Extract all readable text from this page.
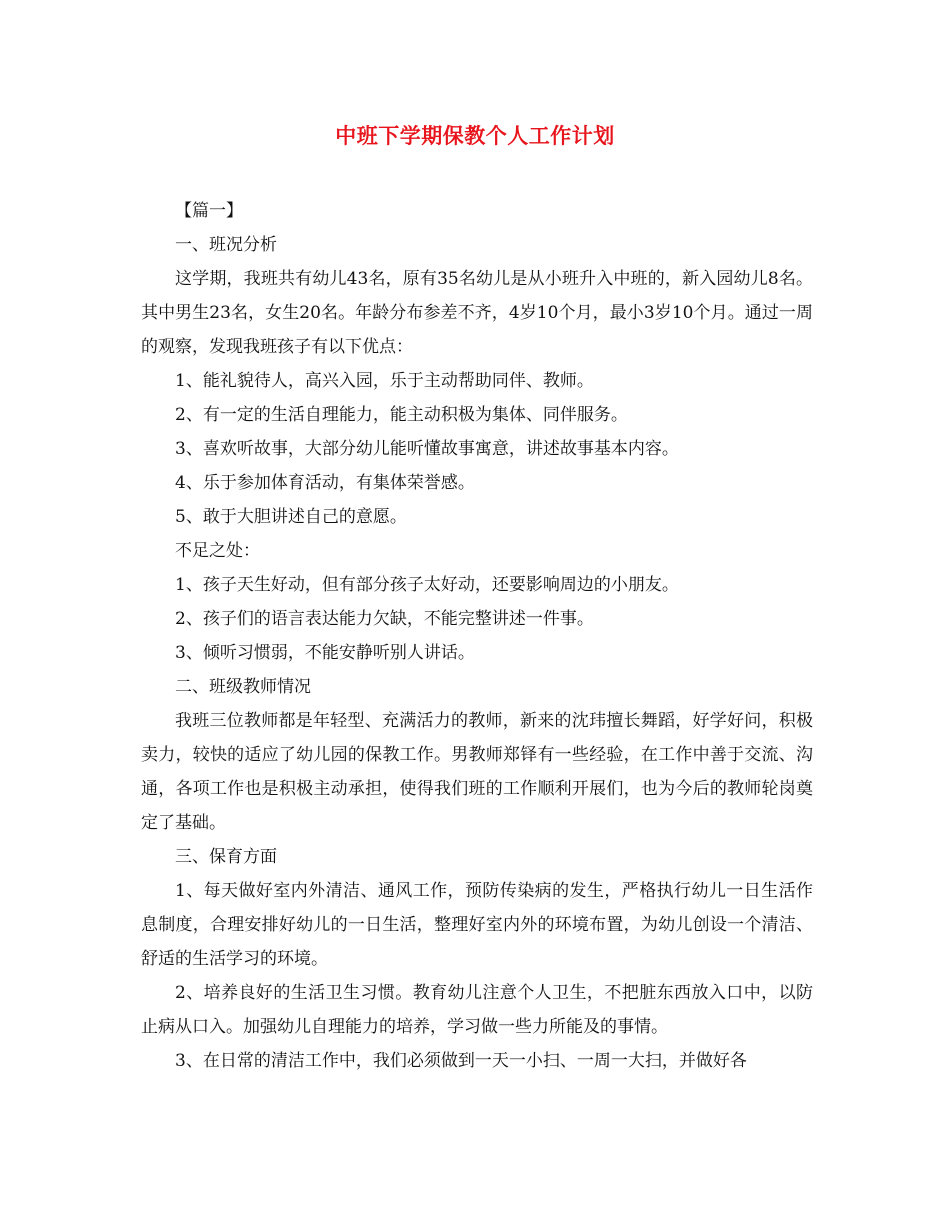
中班下学期保教个人工作计划

【篇一】

一、班况分析

这学期，我班共有幼儿43名，原有35名幼儿是从小班升入中班的，新入园幼儿8名。其中男生23名，女生20名。年龄分布参差不齐，4岁10个月，最小3岁10个月。通过一周的观察，发现我班孩子有以下优点：

1、能礼貌待人，高兴入园，乐于主动帮助同伴、教师。

2、有一定的生活自理能力，能主动积极为集体、同伴服务。

3、喜欢听故事，大部分幼儿能听懂故事寓意，讲述故事基本内容。

4、乐于参加体育活动，有集体荣誉感。

5、敢于大胆讲述自己的意愿。

不足之处：

1、孩子天生好动，但有部分孩子太好动，还要影响周边的小朋友。

2、孩子们的语言表达能力欠缺，不能完整讲述一件事。

3、倾听习惯弱，不能安静听别人讲话。

二、班级教师情况

我班三位教师都是年轻型、充满活力的教师，新来的沈玮擅长舞蹈，好学好问，积极卖力，较快的适应了幼儿园的保教工作。男教师郑铎有一些经验，在工作中善于交流、沟通，各项工作也是积极主动承担，使得我们班的工作顺利开展们，也为今后的教师轮岗奠定了基础。

三、保育方面

1、每天做好室内外清洁、通风工作，预防传染病的发生，严格执行幼儿一日生活作息制度，合理安排好幼儿的一日生活，整理好室内外的环境布置，为幼儿创设一个清洁、舒适的生活学习的环境。

2、培养良好的生活卫生习惯。教育幼儿注意个人卫生，不把脏东西放入口中，以防止病从口入。加强幼儿自理能力的培养，学习做一些力所能及的事情。

3、在日常的清洁工作中，我们必须做到一天一小扫、一周一大扫，并做好各
